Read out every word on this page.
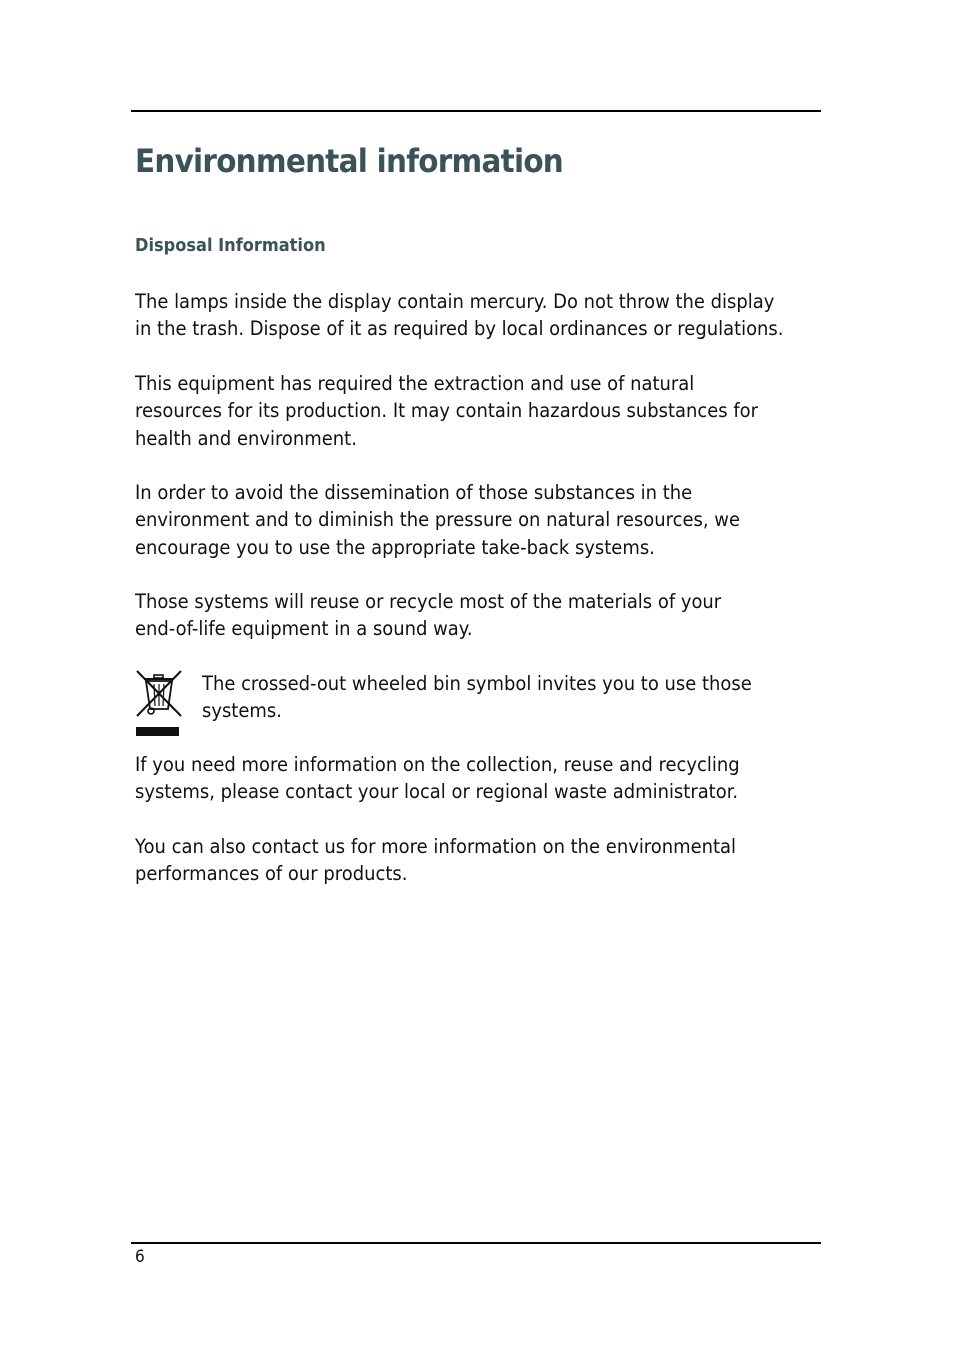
Environmental information
Disposal Information

The lamps inside the display contain mercury. Do not throw the display
in the trash. Dispose of it as required by local ordinances or regulations.

This equipment has required the extraction and use of natural
resources for its production. It may contain hazardous substances for
health and environment.

In order to avoid the dissemination of those substances in the
environment and to diminish the pressure on natural resources, we
encourage you to use the appropriate take-back systems.

Those systems will reuse or recycle most of the materials of your
end-of-life equipment in a sound way.

The crossed-out wheeled bin symbol invites you to use those
systems.

If you need more information on the collection, reuse and recycling
systems, please contact your local or regional waste administrator.

You can also contact us for more information on the environmental
performances of our products.

6
